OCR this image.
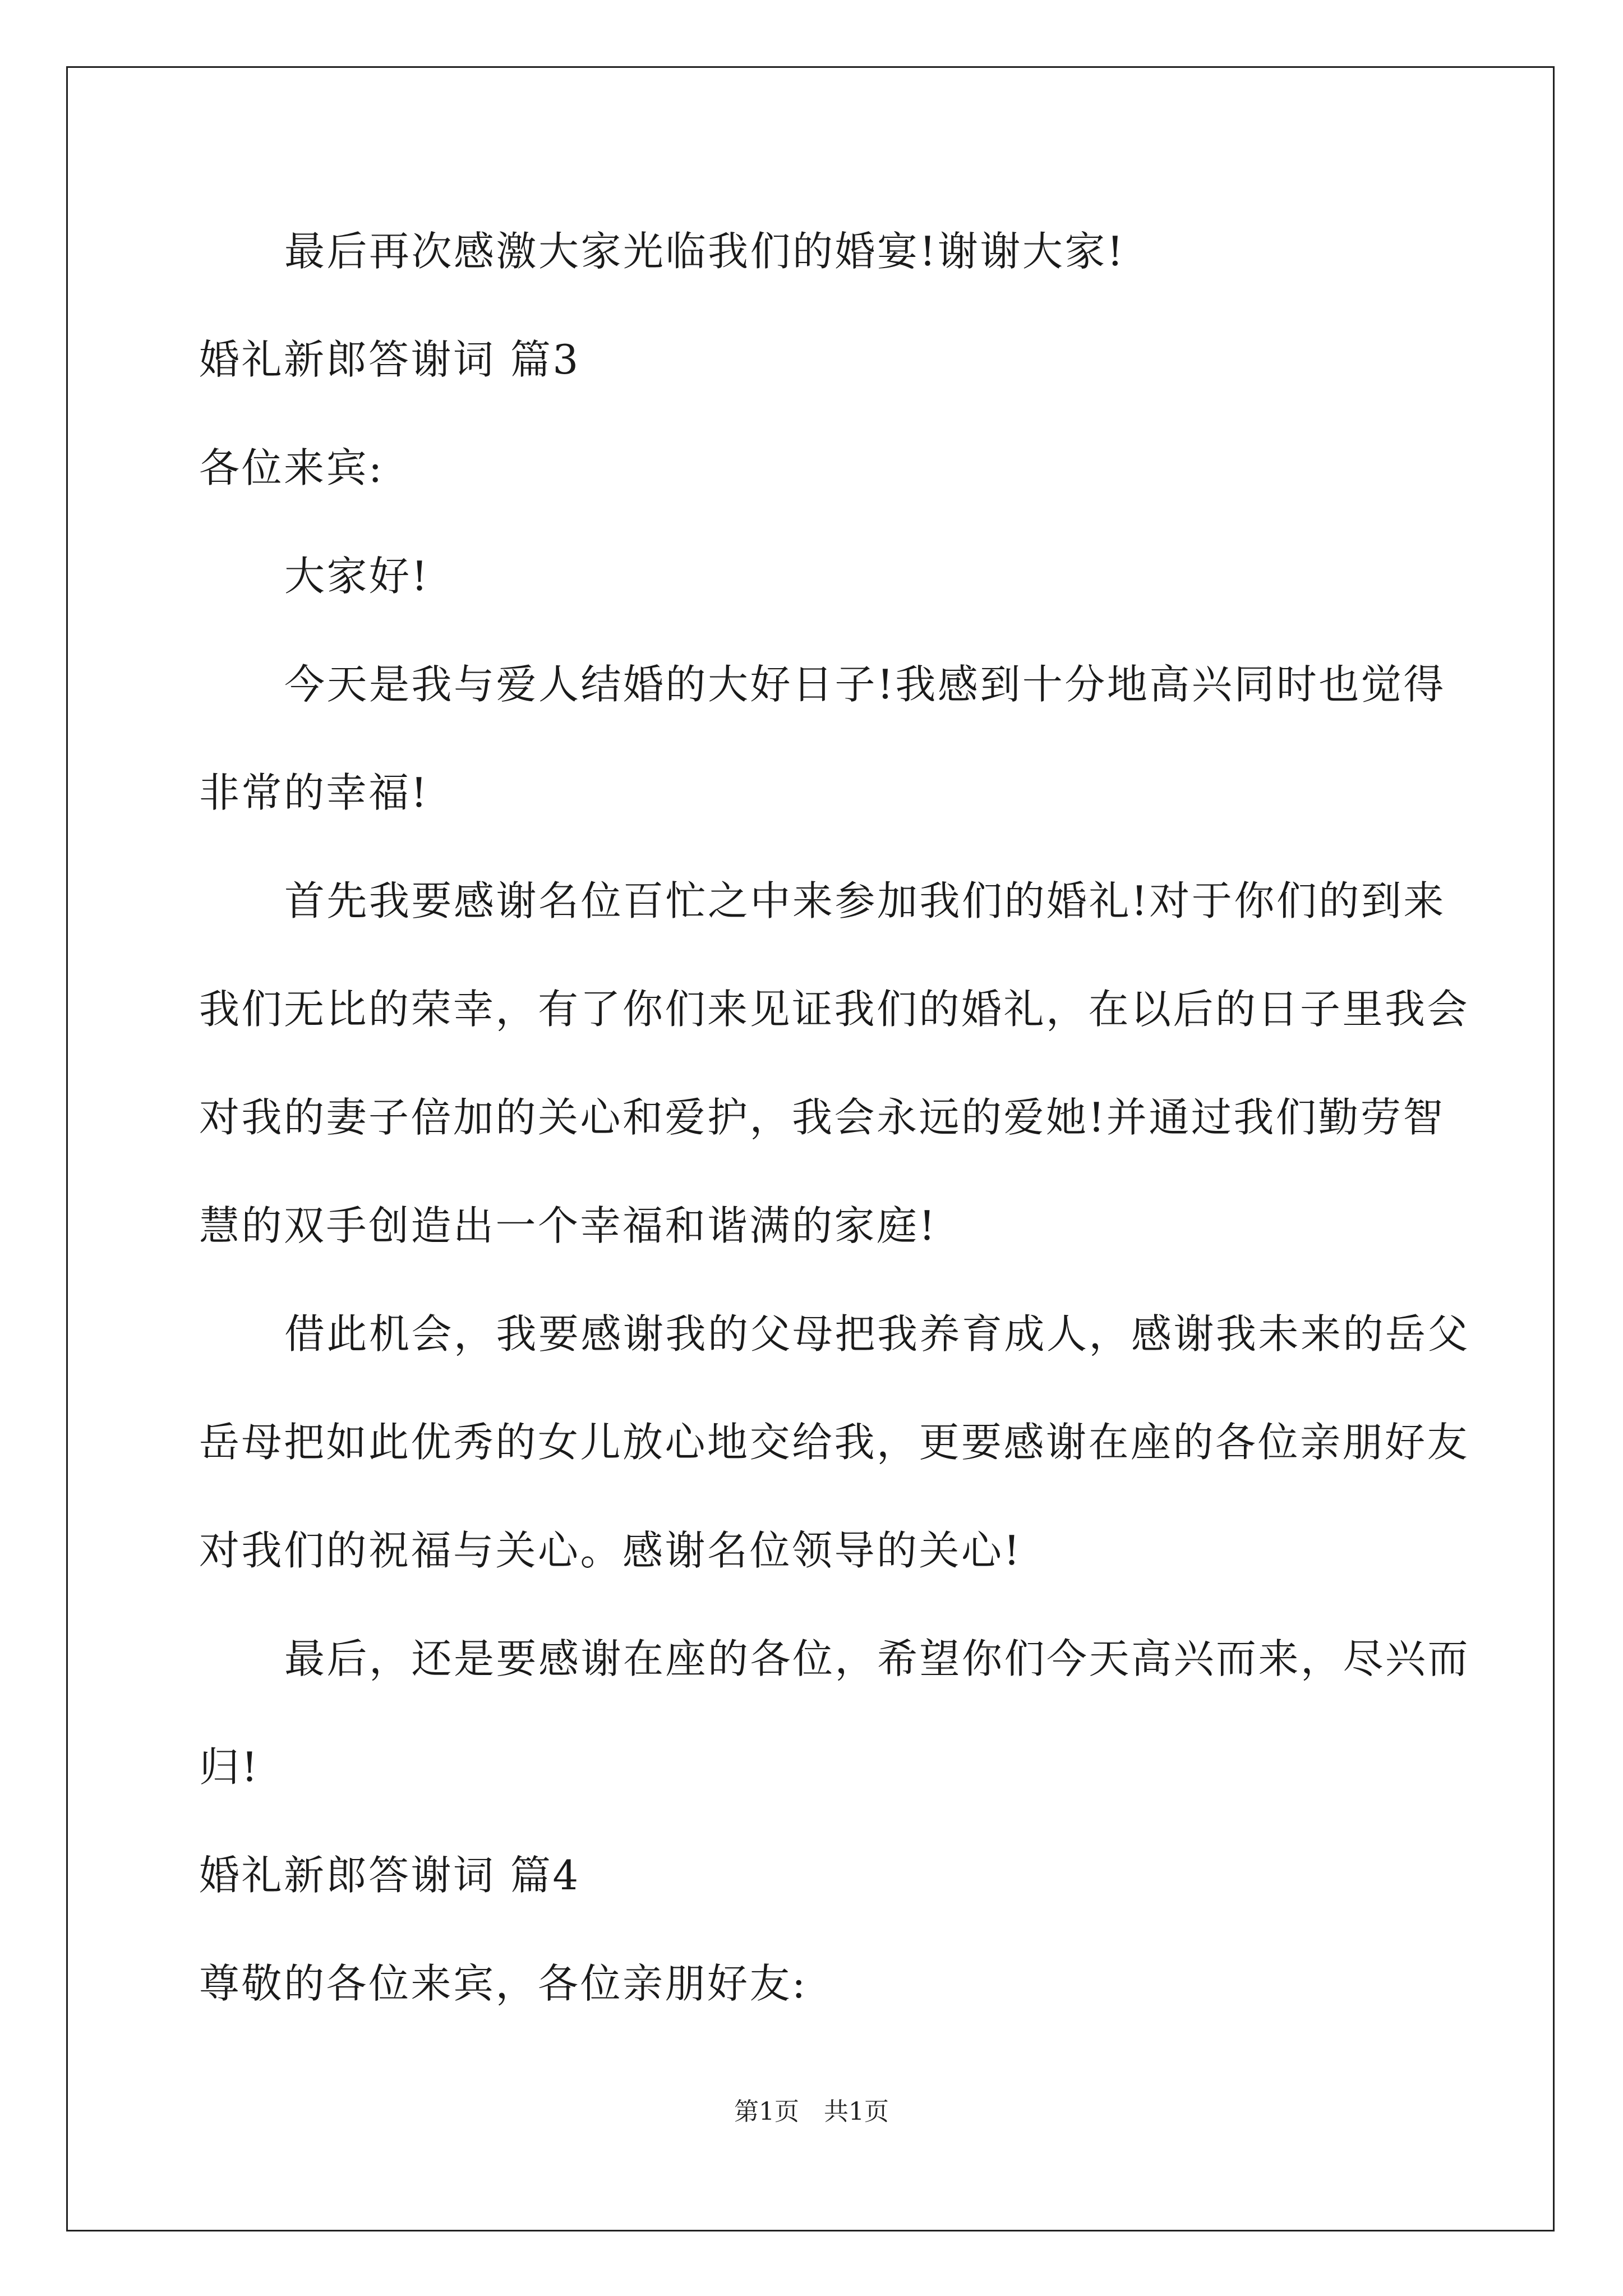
最后再次感激大家光临我们的婚宴!谢谢大家!
婚礼新郎答谢词 篇3
各位来宾:
大家好!
今天是我与爱人结婚的大好日子!我感到十分地高兴同时也觉得
非常的幸福!
首先我要感谢名位百忙之中来参加我们的婚礼!对于你们的到来
我们无比的荣幸，有了你们来见证我们的婚礼，在以后的日子里我会
对我的妻子倍加的关心和爱护，我会永远的爱她!并通过我们勤劳智
慧的双手创造出一个幸福和谐满的家庭!
借此机会，我要感谢我的父母把我养育成人，感谢我未来的岳父
岳母把如此优秀的女儿放心地交给我，更要感谢在座的各位亲朋好友
对我们的祝福与关心。感谢名位领导的关心!
最后，还是要感谢在座的各位，希望你们今天高兴而来，尽兴而
归!
婚礼新郎答谢词 篇4
尊敬的各位来宾，各位亲朋好友:
第1页　共1页
